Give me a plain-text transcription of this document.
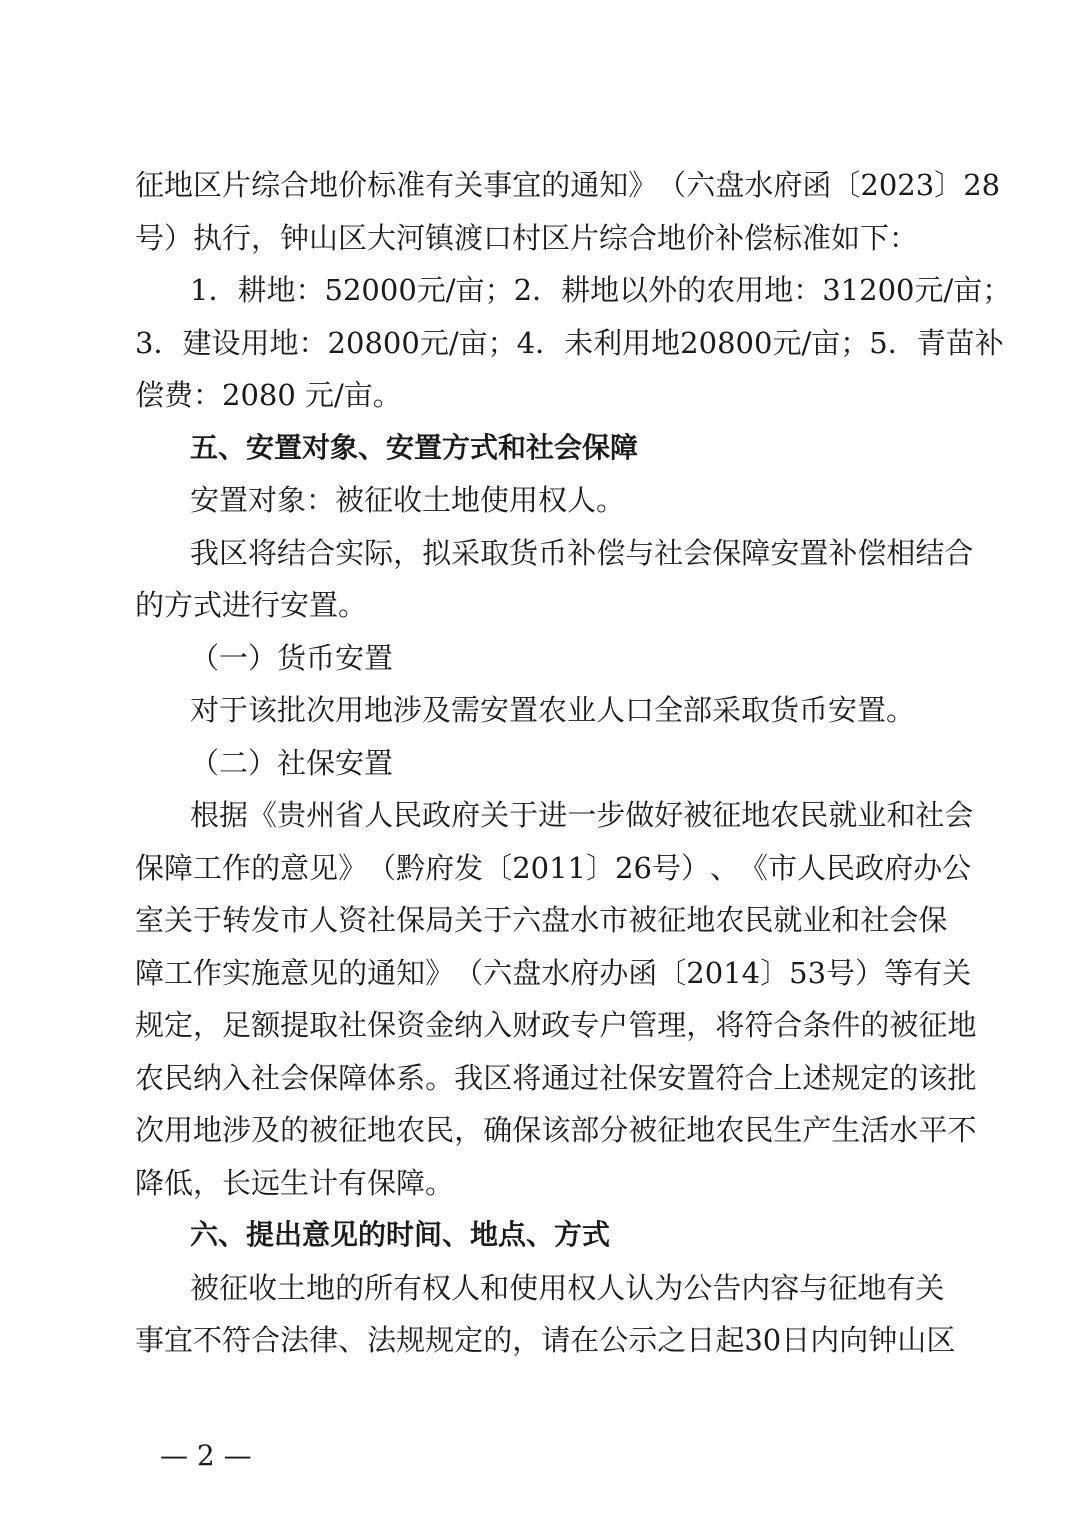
征 地 区 片 综 合 地 价 标 准 有 关 事 宜 的 通 知 》 （ 六 盘 水 府 函 〔 2023 〕 28
号）执行，钟山区大河镇渡口村区片综合地价补偿标准如下：
1 ． 耕 地 ： 52000 元 / 亩 ； 2 ． 耕 地 以 外 的 农 用 地 ： 31200 元 / 亩 ；
3 ． 建 设 用 地 ： 20800 元 / 亩 ； 4 ． 未 利 用 地 20800 元 / 亩 ； 5 ． 青 苗 补
偿费：2080 元/亩。
五、安置对象、安置方式和社会保障
安置对象：被征收土地使用权人。
我 区 将 结 合 实 际 ， 拟 采 取 货 币 补 偿 与 社 会 保 障 安 置 补 偿 相 结 合
的方式进行安置。
（一）货币安置
对于该批次用地涉及需安置农业人口全部采取货币安置。
（二）社保安置
根 据 《 贵 州 省 人 民 政 府 关 于 进 一 步 做 好 被 征 地 农 民 就 业 和 社 会
保 障 工 作 的 意 见 》 （ 黔 府 发 〔 2011 〕 26 号 ） 、 《 市 人 民 政 府 办 公
室 关 于 转 发 市 人 资 社 保 局 关 于 六 盘 水 市 被 征 地 农 民 就 业 和 社 会 保
障 工 作 实 施 意 见 的 通 知 》 （ 六 盘 水 府 办 函 〔 2014 〕 53 号 ） 等 有 关
规 定 ， 足 额 提 取 社 保 资 金 纳 入 财 政 专 户 管 理 ， 将 符 合 条 件 的 被 征 地
农 民 纳 入 社 会 保 障 体 系 。 我 区 将 通 过 社 保 安 置 符 合 上 述 规 定 的 该 批
次 用 地 涉 及 的 被 征 地 农 民 ， 确 保 该 部 分 被 征 地 农 民 生 产 生 活 水 平 不
降低，长远生计有保障。
六、提出意见的时间、地点、方式
被 征 收 土 地 的 所 有 权 人 和 使 用 权 人 认 为 公 告 内 容 与 征 地 有 关
事 宜 不 符 合 法 律 、 法 规 规 定 的 ， 请 在 公 示 之 日 起 30 日 内 向 钟 山 区
— 2 —
